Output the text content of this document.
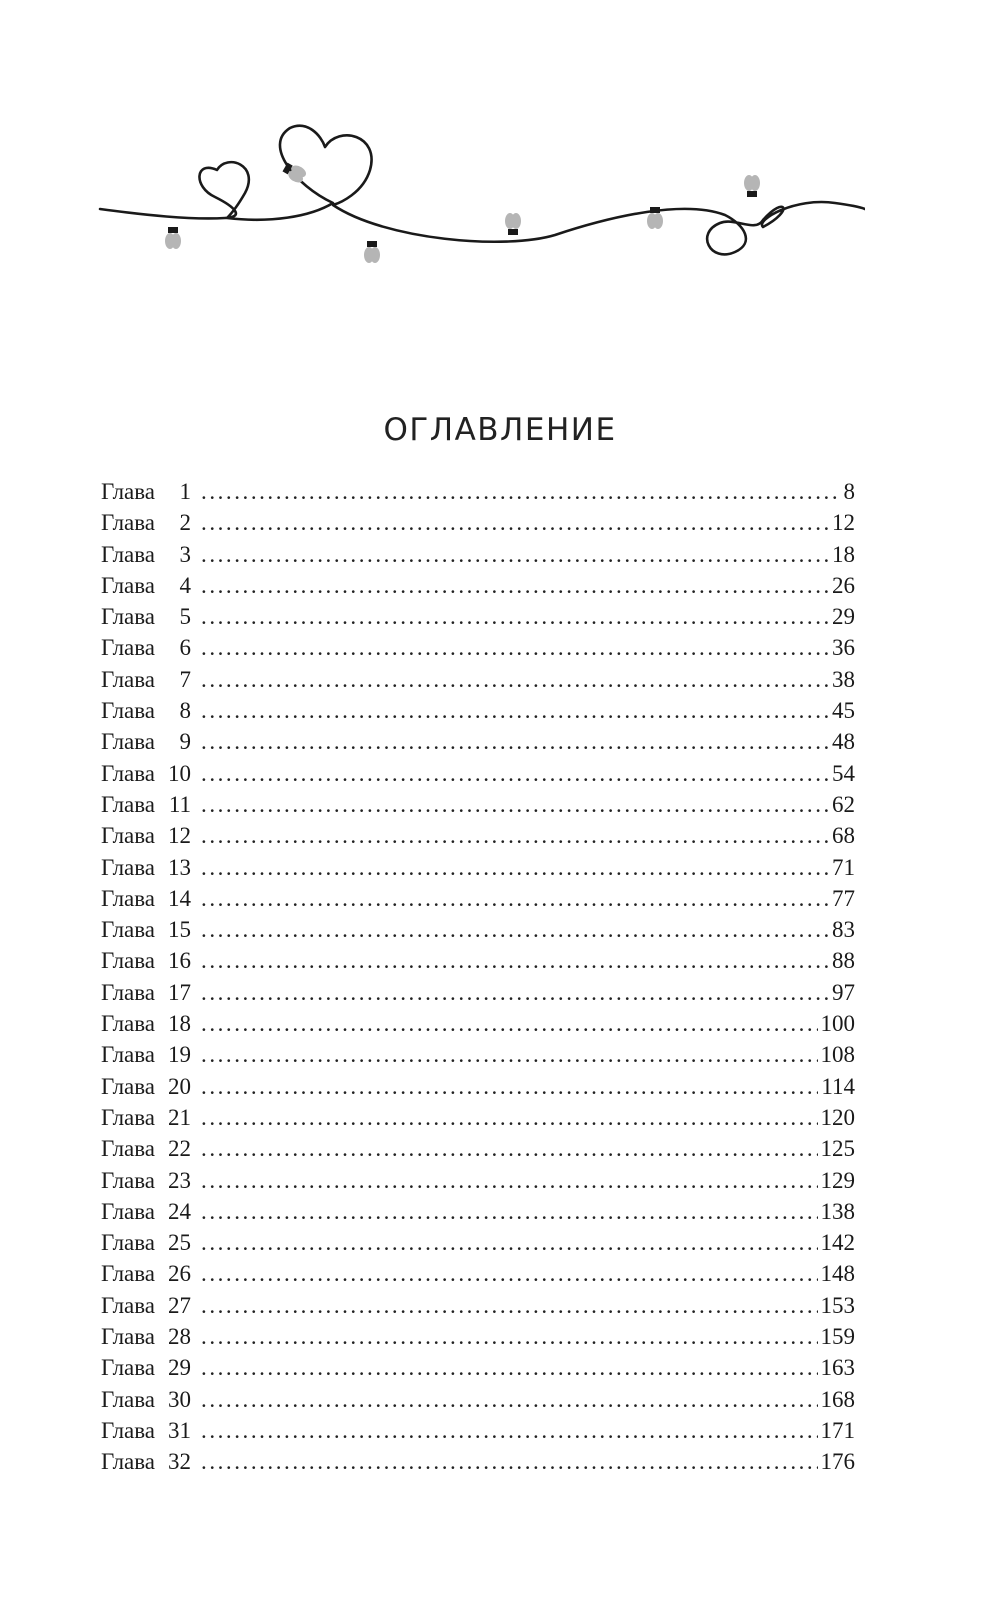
ОГЛАВЛЕНИЕ
Глава	1 . . .	8
Глава	2 . . .	12
Глава	3 . . .	18
Глава	4 . . .	26
Глава	5 . . .	29
Глава	6 . . .	36
Глава	7 . . .	38
Глава	8 . . .	45
Глава	9 . . .	48
Глава 10 . . .	54
Глава 11 . . .	62
Глава 12 . . .	68
Глава 13 . . .	71
Глава 14 . . .	77
Глава 15 . . .	83
Глава 16 . . .	88
Глава 17 . . .	97
Глава 18 . . .	100
Глава 19 . . .	108
Глава 20 . . .	114
Глава 21 . . .	120
Глава 22 . . .	125
Глава 23 . . .	129
Глава 24 . . .	138
Глава 25 . . .	142
Глава 26 . . .	148
Глава 27 . . .	153
Глава 28 . . .	159
Глава 29 . . .	163
Глава 30 . . .	168
Глава 31 . . .	171
Глава 32 . . .	176
